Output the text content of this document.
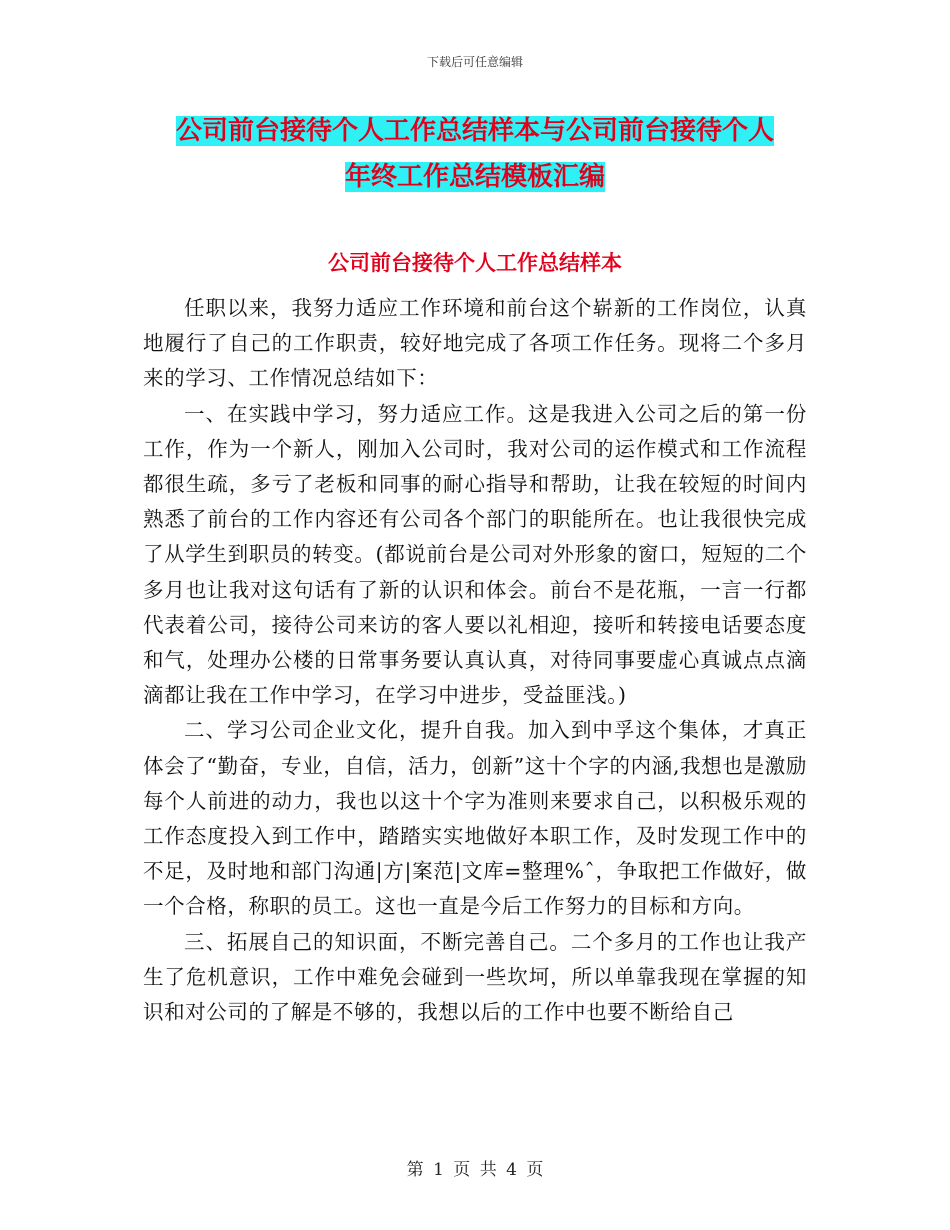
下载后可任意编辑
公司前台接待个人工作总结样本与公司前台接待个人
年终工作总结模板汇编
公司前台接待个人工作总结样本

任职以来，我努力适应工作环境和前台这个崭新的工作岗位，认真地履行了自己的工作职责，较好地完成了各项工作任务。现将二个多月来的学习、工作情况总结如下：

一、在实践中学习，努力适应工作。这是我进入公司之后的第一份工作，作为一个新人，刚加入公司时，我对公司的运作模式和工作流程都很生疏，多亏了老板和同事的耐心指导和帮助，让我在较短的时间内熟悉了前台的工作内容还有公司各个部门的职能所在。也让我很快完成了从学生到职员的转变。(都说前台是公司对外形象的窗口，短短的二个多月也让我对这句话有了新的认识和体会。前台不是花瓶，一言一行都代表着公司，接待公司来访的客人要以礼相迎，接听和转接电话要态度和气，处理办公楼的日常事务要认真认真，对待同事要虚心真诚点点滴滴都让我在工作中学习，在学习中进步，受益匪浅。)

二、学习公司企业文化，提升自我。加入到中孚这个集体，才真正体会了“勤奋，专业，自信，活力，创新”这十个字的内涵,我想也是激励每个人前进的动力，我也以这十个字为准则来要求自己，以积极乐观的工作态度投入到工作中，踏踏实实地做好本职工作，及时发现工作中的不足，及时地和部门沟通|方|案范|文库=整理%ˆ，争取把工作做好，做一个合格，称职的员工。这也一直是今后工作努力的目标和方向。

三、拓展自己的知识面，不断完善自己。二个多月的工作也让我产生了危机意识，工作中难免会碰到一些坎坷，所以单靠我现在掌握的知识和对公司的了解是不够的，我想以后的工作中也要不断给自己

第 1 页 共 4 页
